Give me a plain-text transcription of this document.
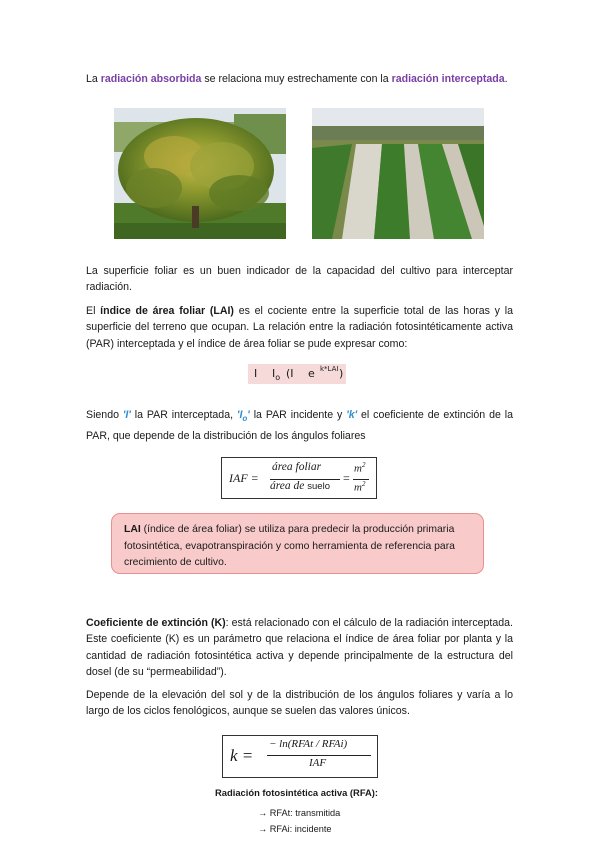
La radiación absorbida se relaciona muy estrechamente con la radiación interceptada.
La superficie foliar es un buen indicador de la capacidad del cultivo para interceptar radiación.
El índice de área foliar (LAI) es el cociente entre la superficie total de las horas y la superficie del terreno que ocupan. La relación entre la radiación fotosintéticamente activa (PAR) interceptada y el índice de área foliar se pude expresar como:
I $I_o$ (I e k*LAI )
Siendo 'I' la PAR interceptada, '$I_o$' la PAR incidente y 'k' el coeficiente de extinción de la PAR, que depende de la distribución de los ángulos foliares
IAF =
área foliar
área de suelo
=
$m^2$
$m^2$
LAI (índice de área foliar) se utiliza para predecir la producción primaria fotosintética, evapotranspiración y como herramienta de referencia para crecimiento de cultivo.
Coeficiente de extinción (K): está relacionado con el cálculo de la radiación interceptada. Este coeficiente (K) es un parámetro que relaciona el índice de área foliar por planta y la cantidad de radiación fotosintética activa y depende principalmente de la estructura del dosel (de su “permeabilidad”).
Depende de la elevación del sol y de la distribución de los ángulos foliares y varía a lo largo de los ciclos fenológicos, aunque se suelen das valores únicos.
k =
− ln(RFAt / RFAi)
IAF
Radiación fotosintética activa (RFA):
→ RFAt: transmitida
→ RFAi: incidente
